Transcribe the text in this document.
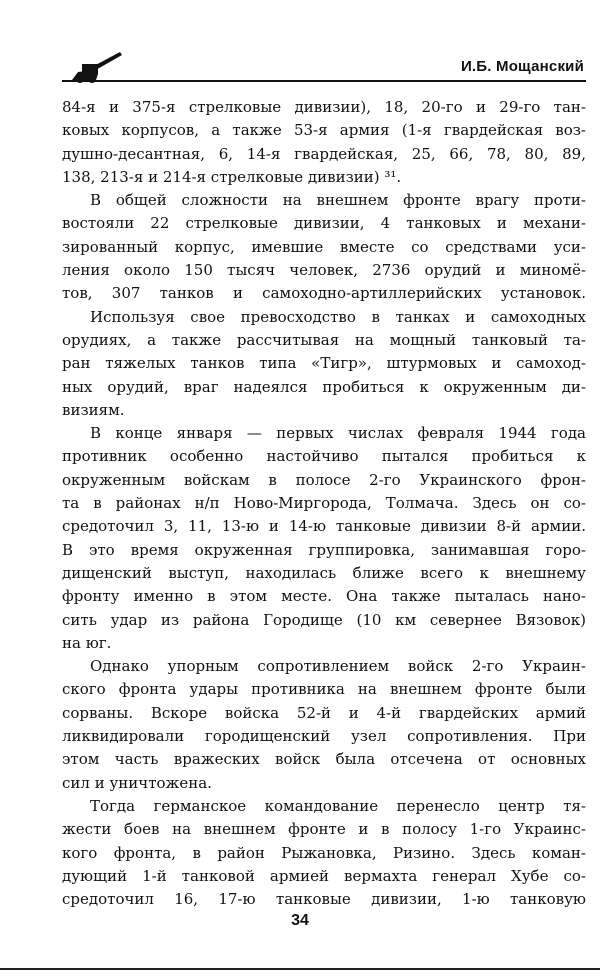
И.Б. Мощанский
84-я и 375-я стрелковые дивизии), 18, 20-го и 29-го тан-
ковых корпусов, а также 53-я армия (1-я гвардейская воз-
душно-десантная, 6, 14-я гвардейская, 25, 66, 78, 80, 89,
138, 213-я и 214-я стрелковые дивизии) ³¹.
В общей сложности на внешнем фронте врагу проти-
востояли 22 стрелковые дивизии, 4 танковых и механи-
зированный корпус, имевшие вместе со средствами уси-
ления около 150 тысяч человек, 2736 орудий и миномё-
тов, 307 танков и самоходно-артиллерийских установок.
Используя свое превосходство в танках и самоходных
орудиях, а также рассчитывая на мощный танковый та-
ран тяжелых танков типа «Тигр», штурмовых и самоход-
ных орудий, враг надеялся пробиться к окруженным ди-
визиям.
В конце января — первых числах февраля 1944 года
противник особенно настойчиво пытался пробиться к
окруженным войскам в полосе 2-го Украинского фрон-
та в районах н/п Ново-Миргорода, Толмача. Здесь он со-
средоточил 3, 11, 13-ю и 14-ю танковые дивизии 8-й армии.
В это время окруженная группировка, занимавшая горо-
дищенский выступ, находилась ближе всего к внешнему
фронту именно в этом месте. Она также пыталась нано-
сить удар из района Городище (10 км севернее Вязовок)
на юг.
Однако упорным сопротивлением войск 2-го Украин-
ского фронта удары противника на внешнем фронте были
сорваны. Вскоре войска 52-й и 4-й гвардейских армий
ликвидировали городищенский узел сопротивления. При
этом часть вражеских войск была отсечена от основных
сил и уничтожена.
Тогда германское командование перенесло центр тя-
жести боев на внешнем фронте и в полосу 1-го Украинс-
кого фронта, в район Рыжановка, Ризино. Здесь коман-
дующий 1-й танковой армией вермахта генерал Хубе со-
средоточил 16, 17-ю танковые дивизии, 1-ю танковую
34
